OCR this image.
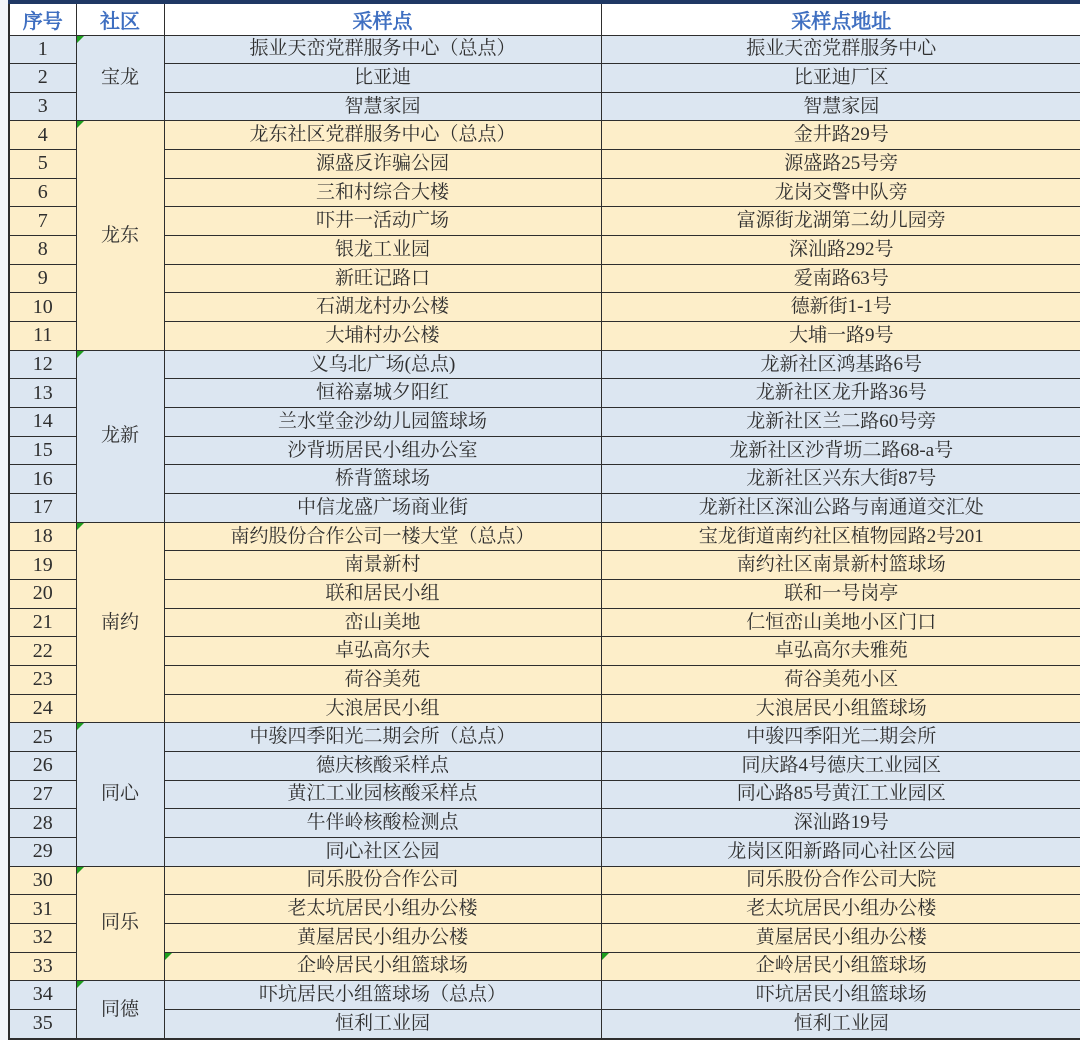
序号	社区	采样点	采样点地址
1	宝龙	振业天峦党群服务中心（总点）	振业天峦党群服务中心
2		比亚迪	比亚迪厂区
3		智慧家园	智慧家园
4	龙东	龙东社区党群服务中心（总点）	金井路29号
5		源盛反诈骗公园	源盛路25号旁
6		三和村综合大楼	龙岗交警中队旁
7		吓井一活动广场	富源街龙湖第二幼儿园旁
8		银龙工业园	深汕路292号
9		新旺记路口	爱南路63号
10		石湖龙村办公楼	德新街1-1号
11		大埔村办公楼	大埔一路9号
12	龙新	义乌北广场(总点)	龙新社区鸿基路6号
13		恒裕嘉城夕阳红	龙新社区龙升路36号
14		兰水堂金沙幼儿园篮球场	龙新社区兰二路60号旁
15		沙背坜居民小组办公室	龙新社区沙背坜二路68-a号
16		桥背篮球场	龙新社区兴东大街87号
17		中信龙盛广场商业街	龙新社区深汕公路与南通道交汇处
18	南约	南约股份合作公司一楼大堂（总点）	宝龙街道南约社区植物园路2号201
19		南景新村	南约社区南景新村篮球场
20		联和居民小组	联和一号岗亭
21		峦山美地	仁恒峦山美地小区门口
22		卓弘高尔夫	卓弘高尔夫雅苑
23		荷谷美苑	荷谷美苑小区
24		大浪居民小组	大浪居民小组篮球场
25	同心	中骏四季阳光二期会所（总点）	中骏四季阳光二期会所
26		德庆核酸采样点	同庆路4号德庆工业园区
27		黄江工业园核酸采样点	同心路85号黄江工业园区
28		牛伴岭核酸检测点	深汕路19号
29		同心社区公园	龙岗区阳新路同心社区公园
30	同乐	同乐股份合作公司	同乐股份合作公司大院
31		老太坑居民小组办公楼	老太坑居民小组办公楼
32		黄屋居民小组办公楼	黄屋居民小组办公楼
33		企岭居民小组篮球场	企岭居民小组篮球场

34	同德	吓坑居民小组篮球场（总点）	吓坑居民小组篮球场
35		恒利工业园	恒利工业园
